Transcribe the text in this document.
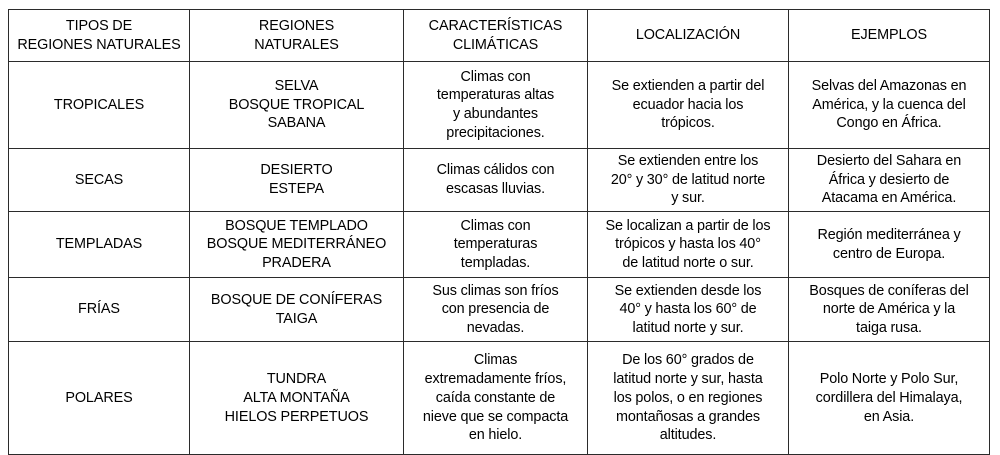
TIPOS DE
REGIONES NATURALES	REGIONES
NATURALES	CARACTERÍSTICAS
CLIMÁTICAS	LOCALIZACIÓN	EJEMPLOS

TROPICALES	SELVA
BOSQUE TROPICAL
SABANA	Climas con
temperaturas altas
y abundantes
precipitaciones.	Se extienden a partir del
ecuador hacia los
trópicos.	Selvas del Amazonas en
América, y la cuenca del
Congo en África.

SECAS	DESIERTO
ESTEPA	Climas cálidos con
escasas lluvias.	Se extienden entre los
20° y 30° de latitud norte
y sur.	Desierto del Sahara en
África y desierto de
Atacama en América.

TEMPLADAS	BOSQUE TEMPLADO
BOSQUE MEDITERRÁNEO
PRADERA	Climas con
temperaturas
templadas.	Se localizan a partir de los
trópicos y hasta los 40°
de latitud norte o sur.	Región mediterránea y
centro de Europa.

FRÍAS	BOSQUE DE CONÍFERAS
TAIGA	Sus climas son fríos
con presencia de
nevadas.	Se extienden desde los
40° y hasta los 60° de
latitud norte y sur.	Bosques de coníferas del
norte de América y la
taiga rusa.

POLARES	TUNDRA
ALTA MONTAÑA
HIELOS PERPETUOS	Climas
extremadamente fríos,
caída constante de
nieve que se compacta
en hielo.	De los 60° grados de
latitud norte y sur, hasta
los polos, o en regiones
montañosas a grandes
altitudes.	Polo Norte y Polo Sur,
cordillera del Himalaya,
en Asia.
